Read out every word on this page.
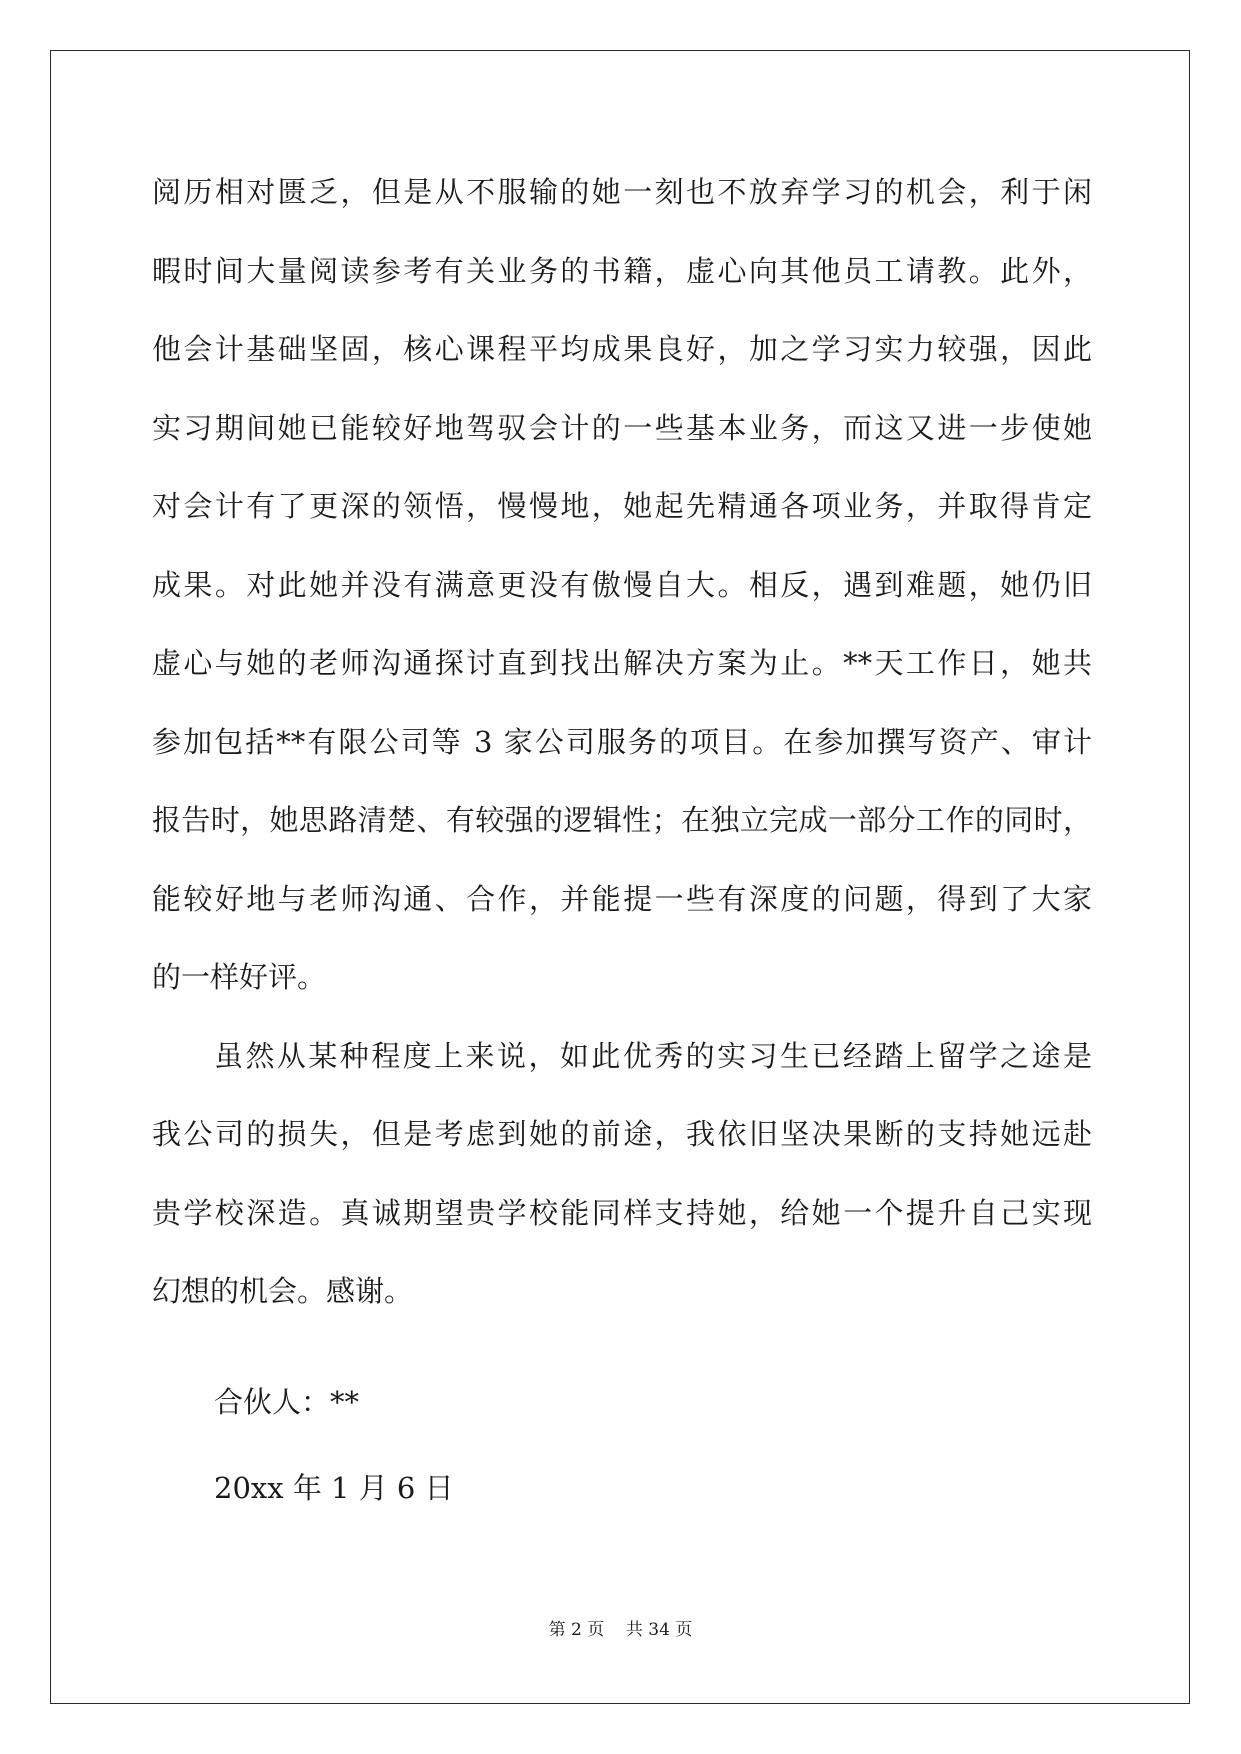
阅历相对匮乏，但是从不服输的她一刻也不放弃学习的机会，利于闲
暇时间大量阅读参考有关业务的书籍，虚心向其他员工请教。此外，
他会计基础坚固，核心课程平均成果良好，加之学习实力较强，因此
实习期间她已能较好地驾驭会计的一些基本业务，而这又进一步使她
对会计有了更深的领悟，慢慢地，她起先精通各项业务，并取得肯定
成果。对此她并没有满意更没有傲慢自大。相反，遇到难题，她仍旧
虚心与她的老师沟通探讨直到找出解决方案为止。**天工作日，她共
参加包括**有限公司等 3 家公司服务的项目。在参加撰写资产、审计
报告时，她思路清楚、有较强的逻辑性；在独立完成一部分工作的同时，
能较好地与老师沟通、合作，并能提一些有深度的问题，得到了大家
的一样好评。
虽然从某种程度上来说，如此优秀的实习生已经踏上留学之途是
我公司的损失，但是考虑到她的前途，我依旧坚决果断的支持她远赴
贵学校深造。真诚期望贵学校能同样支持她，给她一个提升自己实现
幻想的机会。感谢。
合伙人：**
20xx 年 1 月 6 日
第 2 页    共 34 页
